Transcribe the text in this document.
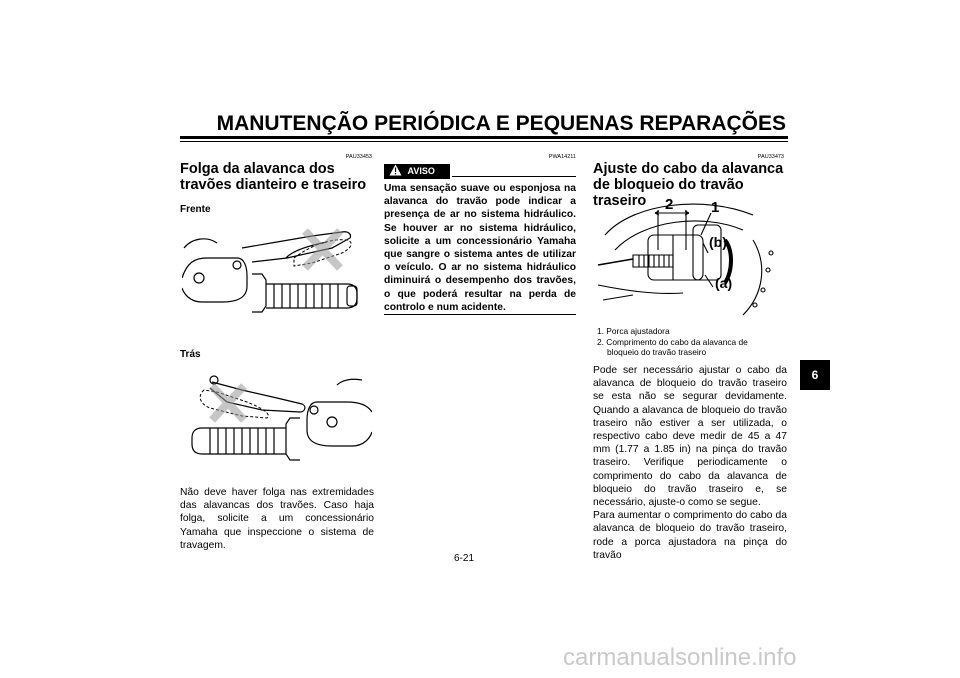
MANUTENÇÃO PERIÓDICA E PEQUENAS REPARAÇÕES
PAU33453
Folga da alavanca dos travões dianteiro e traseiro
Frente
Trás
Não deve haver folga nas extremidades das alavancas dos travões. Caso haja folga, solicite a um concessionário Yamaha que inspeccione o sistema de travagem.
PWA14211
AVISO
Uma sensação suave ou esponjosa na alavanca do travão pode indicar a presença de ar no sistema hidráulico. Se houver ar no sistema hidráulico, solicite a um concessionário Yamaha que sangre o sistema antes de utilizar o veículo. O ar no sistema hidráulico diminuirá o desempenho dos travões, o que poderá resultar na perda de controlo e num acidente.
PAU33473
Ajuste do cabo da alavanca de bloqueio do travão traseiro	2	1
(b)
(a)
1. Porca ajustadora
2. Comprimento do cabo da alavanca de
bloqueio do travão traseiro
Pode ser necessário ajustar o cabo da alavanca de bloqueio do travão traseiro se esta não se segurar devidamente. Quando a alavanca de bloqueio do travão traseiro não estiver a ser utilizada, o respectivo cabo deve medir de 45 a 47 mm (1.77 a 1.85 in) na pinça do travão traseiro. Verifique periodicamente o comprimento do cabo da alavanca de bloqueio do travão traseiro e, se necessário, ajuste-o como se segue.
Para aumentar o comprimento do cabo da alavanca de bloqueio do travão traseiro, rode a porca ajustadora na pinça do travão
6
6-21
carmanualsonline.info
